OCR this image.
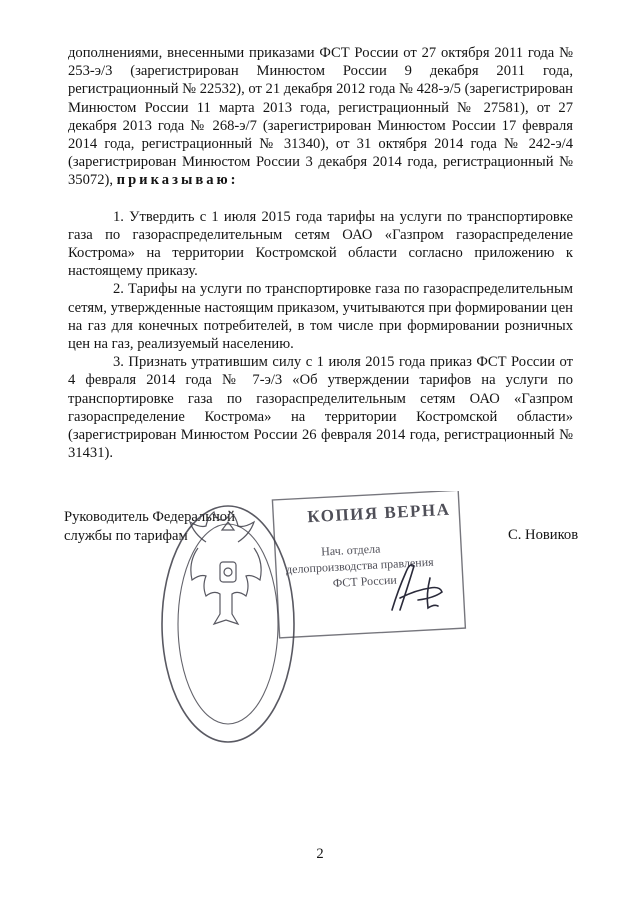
дополнениями, внесенными приказами ФСТ России от 27 октября 2011 года № 253-э/3 (зарегистрирован Минюстом России 9 декабря 2011 года, регистрационный № 22532), от 21 декабря 2012 года № 428-э/5 (зарегистрирован Минюстом России 11 марта 2013 года, регистрационный № 27581), от 27 декабря 2013 года № 268-э/7 (зарегистрирован Минюстом России 17 февраля 2014 года, регистрационный № 31340), от 31 октября 2014 года № 242-э/4 (зарегистрирован Минюстом России 3 декабря 2014 года, регистрационный № 35072), приказываю:

1. Утвердить с 1 июля 2015 года тарифы на услуги по транспортировке газа по газораспределительным сетям ОАО «Газпром газораспределение Кострома» на территории Костромской области согласно приложению к настоящему приказу.

2. Тарифы на услуги по транспортировке газа по газораспределительным сетям, утвержденные настоящим приказом, учитываются при формировании цен на газ для конечных потребителей, в том числе при формировании розничных цен на газ, реализуемый населению.

3. Признать утратившим силу с 1 июля 2015 года приказ ФСТ России от 4 февраля 2014 года № 7-э/3 «Об утверждении тарифов на услуги по транспортировке газа по газораспределительным сетям ОАО «Газпром газораспределение Кострома» на территории Костромской области» (зарегистрирован Минюстом России 26 февраля 2014 года, регистрационный № 31431).

Руководитель Федеральной
службы по тарифам	С. Новиков
КОПИЯ ВЕРНА
Нач. отдела
делопроизводства правления
ФСТ России
2
